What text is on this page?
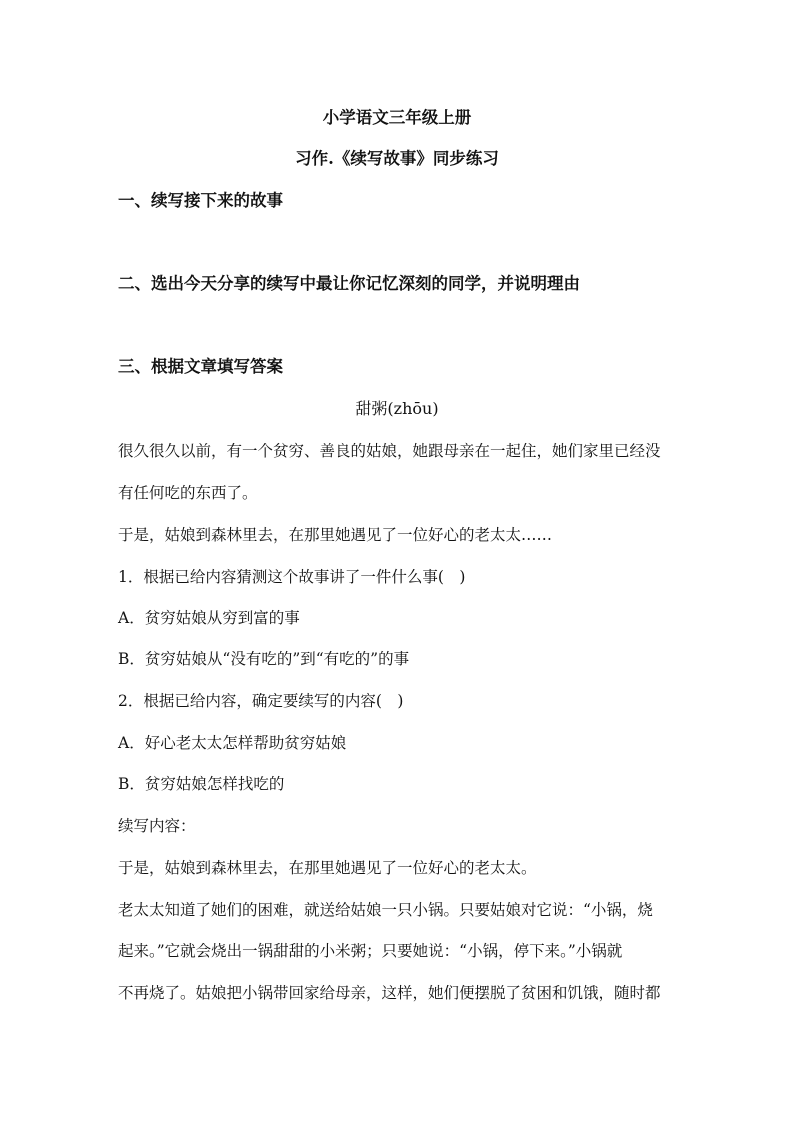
小学语文三年级上册
习作.《续写故事》同步练习
一、续写接下来的故事
二、选出今天分享的续写中最让你记忆深刻的同学，并说明理由
三、根据文章填写答案
甜粥(zhōu)
很久很久以前，有一个贫穷、善良的姑娘，她跟母亲在一起住，她们家里已经没
有任何吃的东西了。
于是，姑娘到森林里去，在那里她遇见了一位好心的老太太……
1．根据已给内容猜测这个故事讲了一件什么事(　)
A．贫穷姑娘从穷到富的事
B．贫穷姑娘从“没有吃的”到“有吃的”的事
2．根据已给内容，确定要续写的内容(　)
A．好心老太太怎样帮助贫穷姑娘
B．贫穷姑娘怎样找吃的
续写内容：
于是，姑娘到森林里去，在那里她遇见了一位好心的老太太。
老太太知道了她们的困难，就送给姑娘一只小锅。只要姑娘对它说：“小锅，烧
起来。”它就会烧出一锅甜甜的小米粥；只要她说：“小锅，停下来。”小锅就
不再烧了。姑娘把小锅带回家给母亲，这样，她们便摆脱了贫困和饥饿，随时都
